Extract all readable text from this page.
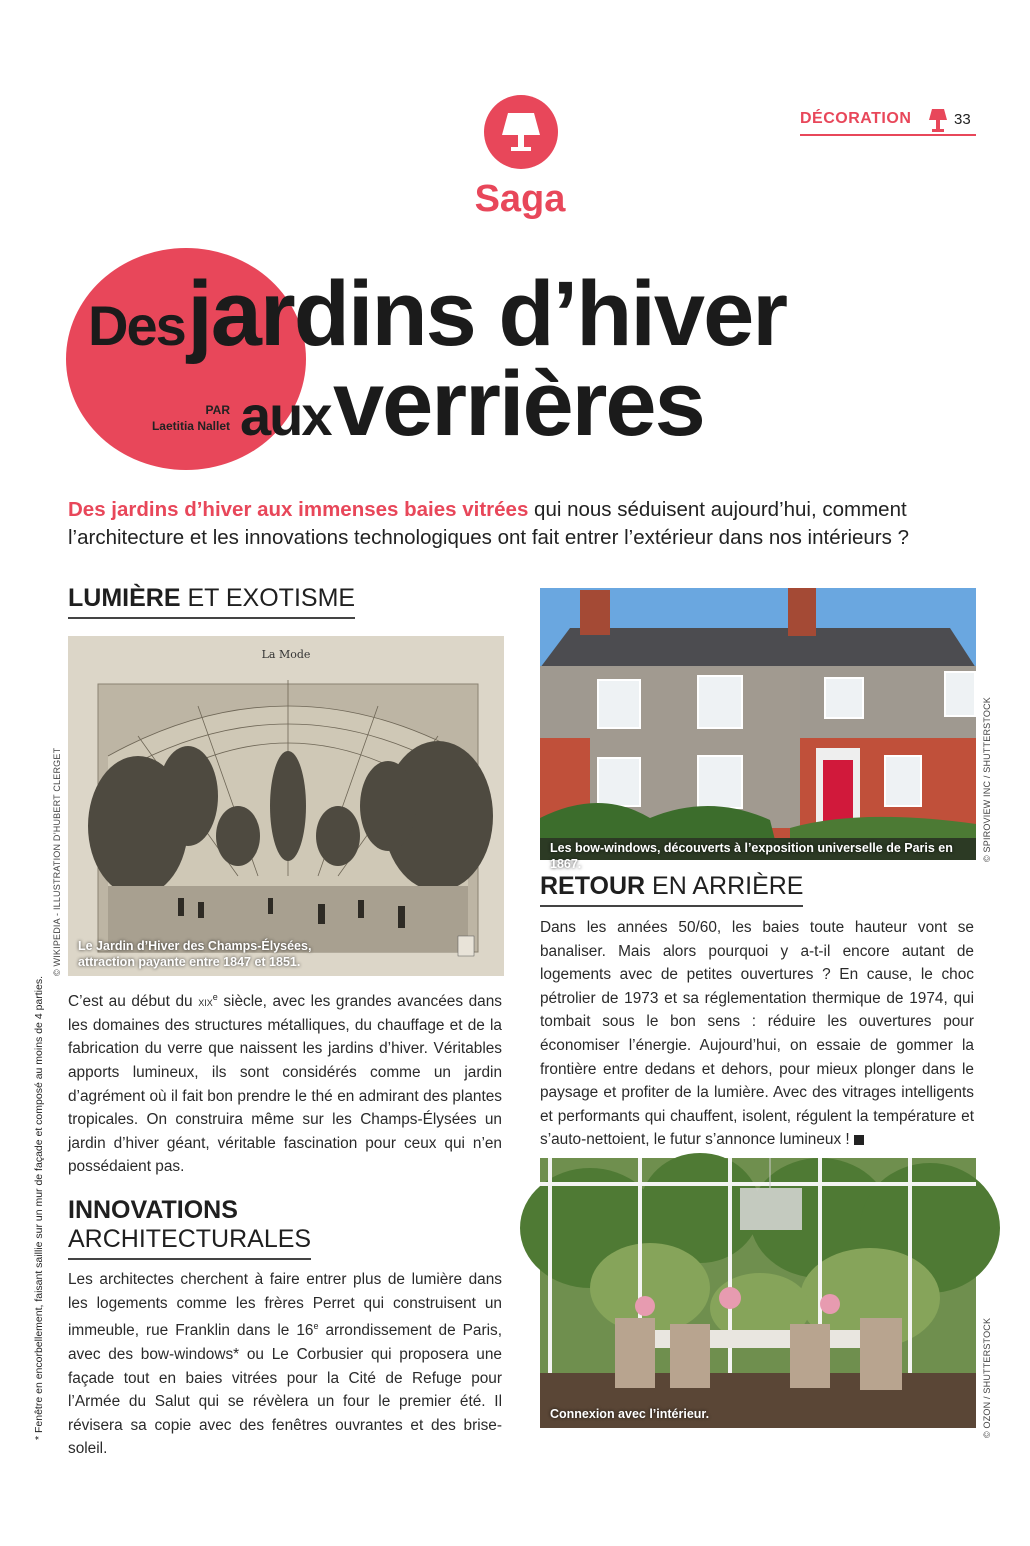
DÉCORATION	33
Saga
Des jardins d’hiver
aux verrières
PAR
Laetitia Nallet
Des jardins d’hiver aux immenses baies vitrées qui nous séduisent aujourd’hui, comment l’architecture et les innovations technologiques ont fait entrer l’extérieur dans nos intérieurs ?
LUMIÈRE ET EXOTISME
La Mode
Le Jardin d’Hiver des Champs-Élysées,
attraction payante entre 1847 et 1851.
© WIKIPEDIA - ILLUSTRATION D’HUBERT CLERGET

C’est au début du xix$^e$ siècle, avec les grandes avancées dans les domaines des structures métalliques, du chauffage et de la fabrication du verre que naissent les jardins d’hiver. Véritables apports lumineux, ils sont considérés comme un jardin d’agrément où il fait bon prendre le thé en admirant des plantes tropicales. On construira même sur les Champs-Élysées un jardin d’hiver géant, véritable fascination pour ceux qui n’en possédaient pas.

INNOVATIONS
ARCHITECTURALES

Les architectes cherchent à faire entrer plus de lumière dans les logements comme les frères Perret qui construisent un immeuble, rue Franklin dans le 16e arrondissement de Paris, avec des bow-windows* ou Le Corbusier qui proposera une façade tout en baies vitrées pour la Cité de Refuge pour l’Armée du Salut qui se révèlera un four le premier été. Il révisera sa copie avec des fenêtres ouvrantes et des brise-soleil.

* Fenêtre en encorbellement, faisant saillie sur un mur de façade et composé au moins de 4 parties.
Les bow-windows, découverts à l’exposition universelle de Paris en 1867.
© SPIROVIEW INC / SHUTTERSTOCK
RETOUR EN ARRIÈRE

Dans les années 50/60, les baies toute hauteur vont se banaliser. Mais alors pourquoi y a-t-il encore autant de logements avec de petites ouvertures ? En cause, le choc pétrolier de 1973 et sa réglementation thermique de 1974, qui tombait sous le bon sens : réduire les ouvertures pour économiser l’énergie. Aujourd’hui, on essaie de gommer la frontière entre dedans et dehors, pour mieux plonger dans le paysage et profiter de la lumière. Avec des vitrages intelligents et performants qui chauffent, isolent, régulent la température et s’auto-nettoient, le futur s’annonce lumineux !

Connexion avec l’intérieur.	© OZON / SHUTTERSTOCK
